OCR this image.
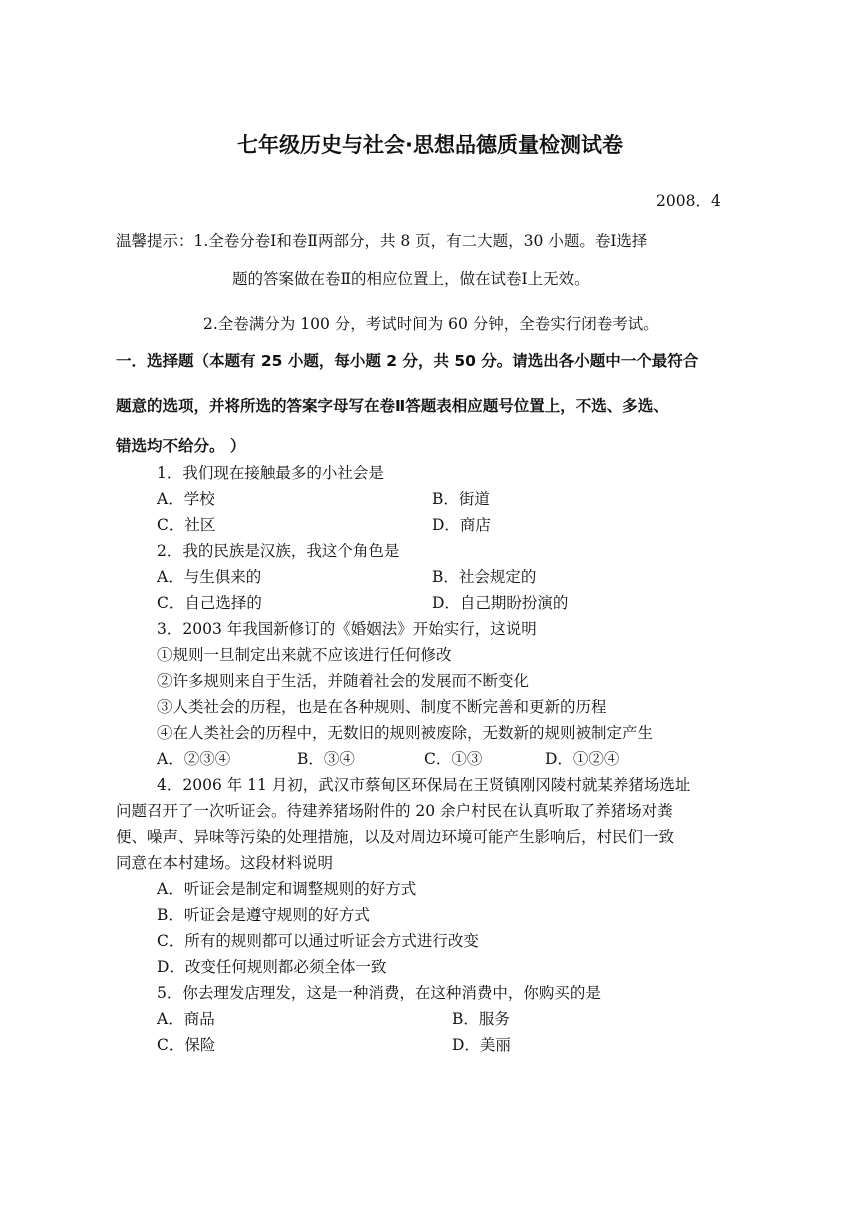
七年级历史与社会·思想品德质量检测试卷
2008．4
温馨提示：1.全卷分卷Ⅰ和卷Ⅱ两部分，共 8 页，有二大题，30 小题。卷Ⅰ选择
题的答案做在卷Ⅱ的相应位置上，做在试卷Ⅰ上无效。
2.全卷满分为 100 分，考试时间为 60 分钟，全卷实行闭卷考试。
一．选择题（本题有 25 小题，每小题 2 分，共 50 分。请选出各小题中一个最符合
题意的选项，并将所选的答案字母写在卷Ⅱ答题表相应题号位置上，不选、多选、
错选均不给分。 ）
1．我们现在接触最多的小社会是
A．学校	B．街道
C．社区	D．商店
2．我的民族是汉族，我这个角色是
A．与生俱来的	B．社会规定的
C．自己选择的	D．自己期盼扮演的
3．2003 年我国新修订的《婚姻法》开始实行，这说明
①规则一旦制定出来就不应该进行任何修改
②许多规则来自于生活，并随着社会的发展而不断变化
③人类社会的历程，也是在各种规则、制度不断完善和更新的历程
④在人类社会的历程中，无数旧的规则被废除，无数新的规则被制定产生
A．②③④	B．③④	C．①③	D．①②④
4．2006 年 11 月初，武汉市蔡甸区环保局在王贤镇刚冈陵村就某养猪场选址
问题召开了一次听证会。待建养猪场附件的 20 余户村民在认真听取了养猪场对粪
便、噪声、异味等污染的处理措施，以及对周边环境可能产生影响后，村民们一致
同意在本村建场。这段材料说明
A．听证会是制定和调整规则的好方式
B．听证会是遵守规则的好方式
C．所有的规则都可以通过听证会方式进行改变
D．改变任何规则都必须全体一致
5．你去理发店理发，这是一种消费，在这种消费中，你购买的是
A．商品	B．服务
C．保险	D．美丽
